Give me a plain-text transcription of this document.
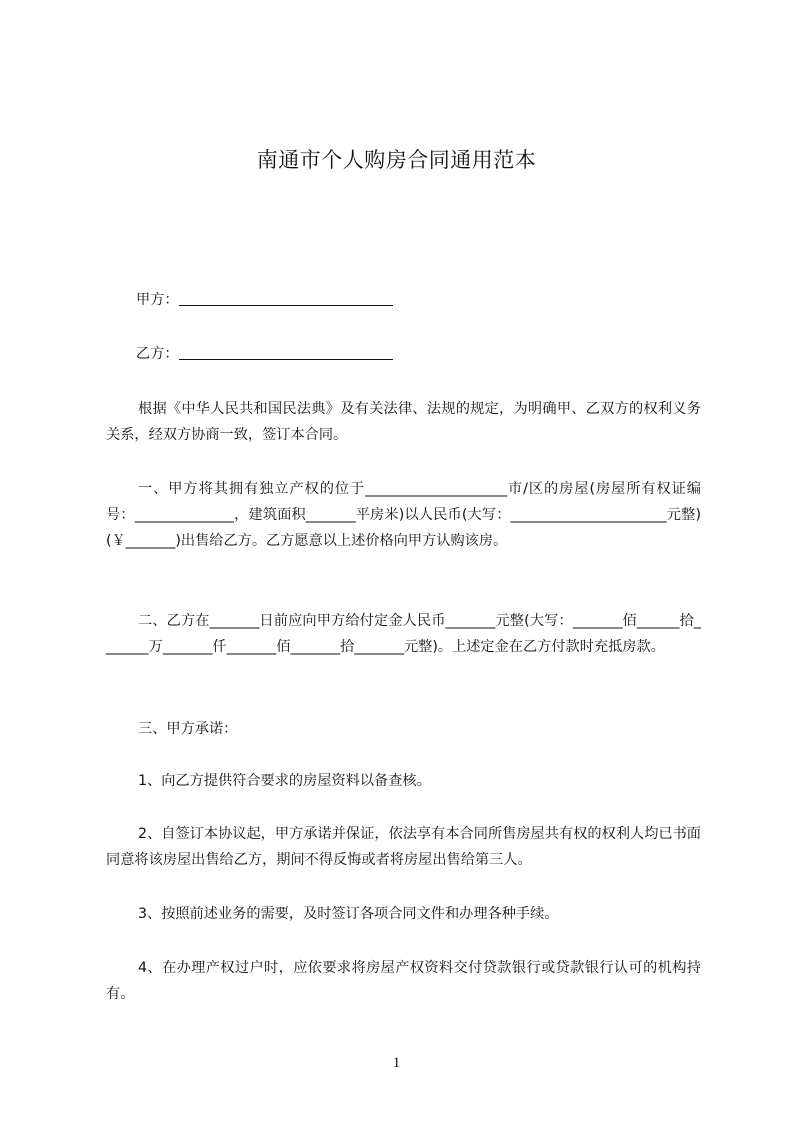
南通市个人购房合同通用范本
甲方：
乙方：
根据《中华人民共和国民法典》及有关法律、法规的规定，为明确甲、乙双方的权利义务关系，经双方协商一致，签订本合同。
一、甲方将其拥有独立产权的位于____________________市/区的房屋(房屋所有权证编号：______________，建筑面积_______平房米)以人民币(大写：______________________元整)(￥_______)出售给乙方。乙方愿意以上述价格向甲方认购该房。
二、乙方在_______日前应向甲方给付定金人民币_______元整(大写：_______佰______拾_______万_______仟_______佰_______拾_______元整)。上述定金在乙方付款时充抵房款。
三、甲方承诺：
1、向乙方提供符合要求的房屋资料以备查核。
2、自签订本协议起，甲方承诺并保证，依法享有本合同所售房屋共有权的权利人均已书面同意将该房屋出售给乙方，期间不得反悔或者将房屋出售给第三人。
3、按照前述业务的需要，及时签订各项合同文件和办理各种手续。
4、在办理产权过户时，应依要求将房屋产权资料交付贷款银行或贷款银行认可的机构持有。
1
